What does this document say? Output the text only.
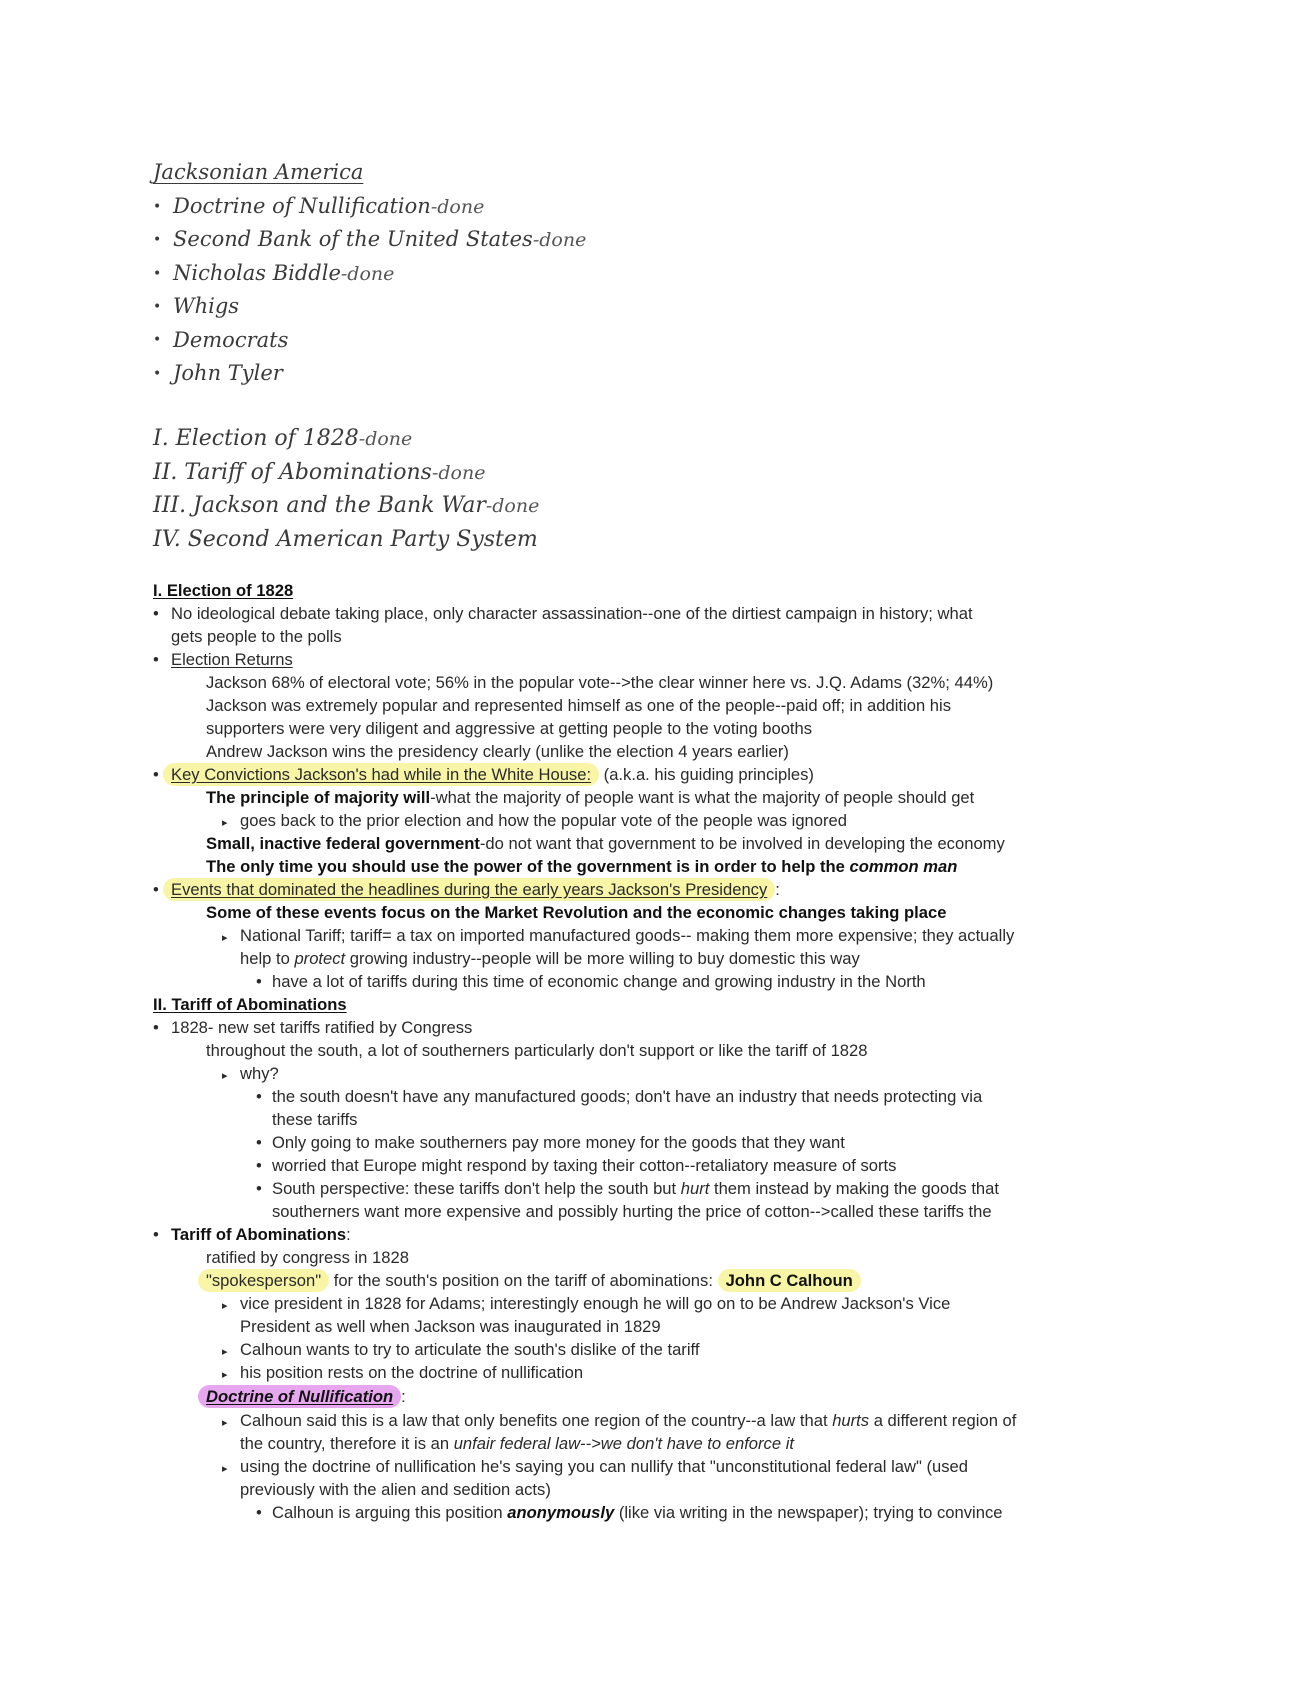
Jacksonian America
• Doctrine of Nullification-done
• Second Bank of the United States-done
• Nicholas Biddle-done
• Whigs
• Democrats
• John Tyler
I. Election of 1828-done
II. Tariff of Abominations-done
III. Jackson and the Bank War-done
IV. Second American Party System
I. Election of 1828
• No ideological debate taking place, only character assassination--one of the dirtiest campaign in history; what
gets people to the polls
• Election Returns
Jackson 68% of electoral vote; 56% in the popular vote-->the clear winner here vs. J.Q. Adams (32%; 44%)
Jackson was extremely popular and represented himself as one of the people--paid off; in addition his
supporters were very diligent and aggressive at getting people to the voting booths
Andrew Jackson wins the presidency clearly (unlike the election 4 years earlier)
• Key Convictions Jackson's had while in the White House: (a.k.a. his guiding principles)
The principle of majority will-what the majority of people want is what the majority of people should get
▸ goes back to the prior election and how the popular vote of the people was ignored
Small, inactive federal government-do not want that government to be involved in developing the economy
The only time you should use the power of the government is in order to help the common man
• Events that dominated the headlines during the early years Jackson's Presidency :
Some of these events focus on the Market Revolution and the economic changes taking place
▸ National Tariff; tariff= a tax on imported manufactured goods-- making them more expensive; they actually
help to protect growing industry--people will be more willing to buy domestic this way
• have a lot of tariffs during this time of economic change and growing industry in the North
II. Tariff of Abominations
• 1828- new set tariffs ratified by Congress
throughout the south, a lot of southerners particularly don't support or like the tariff of 1828
▸ why?
• the south doesn't have any manufactured goods; don't have an industry that needs protecting via
these tariffs
• Only going to make southerners pay more money for the goods that they want
• worried that Europe might respond by taxing their cotton--retaliatory measure of sorts
• South perspective: these tariffs don't help the south but hurt them instead by making the goods that
southerners want more expensive and possibly hurting the price of cotton-->called these tariffs the
• Tariff of Abominations:
ratified by congress in 1828
"spokesperson" for the south's position on the tariff of abominations: John C Calhoun
▸ vice president in 1828 for Adams; interestingly enough he will go on to be Andrew Jackson's Vice
President as well when Jackson was inaugurated in 1829
▸ Calhoun wants to try to articulate the south's dislike of the tariff
▸ his position rests on the doctrine of nullification
Doctrine of Nullification :
▸ Calhoun said this is a law that only benefits one region of the country--a law that hurts a different region of
the country, therefore it is an unfair federal law-->we don't have to enforce it
▸ using the doctrine of nullification he's saying you can nullify that "unconstitutional federal law" (used
previously with the alien and sedition acts)
• Calhoun is arguing this position anonymously (like via writing in the newspaper); trying to convince
